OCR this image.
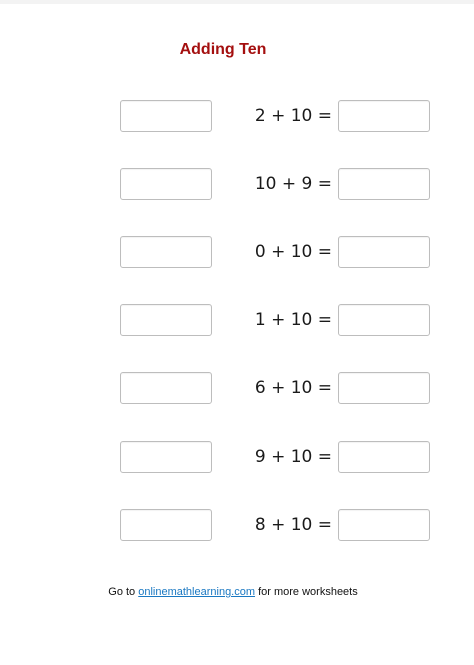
Adding Ten
2 + 10 =
10 + 9 =
0 + 10 =
1 + 10 =
6 + 10 =
9 + 10 =
8 + 10 =
Go to onlinemathlearning.com for more worksheets
